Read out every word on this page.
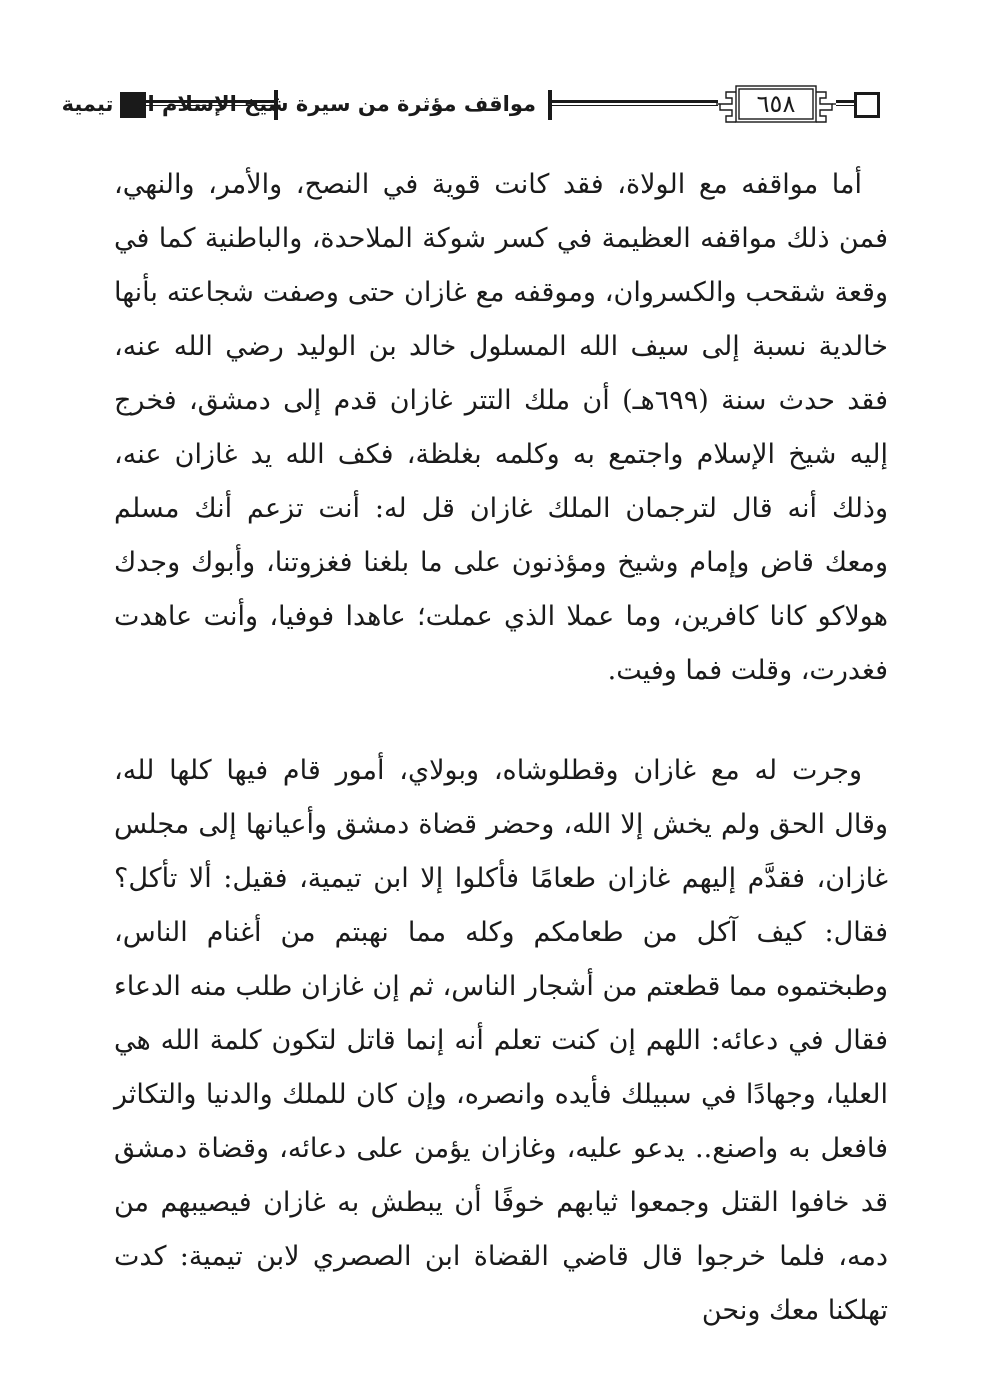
مواقف مؤثرة من سيرة شيخ الإسلام ابن تيمية	٦٥٨

أما مواقفه مع الولاة، فقد كانت قوية في النصح، والأمر، والنهي، فمن ذلك مواقفه العظيمة في كسر شوكة الملاحدة، والباطنية كما في وقعة شقحب والكسروان، وموقفه مع غازان حتى وصفت شجاعته بأنها خالدية نسبة إلى سيف الله المسلول خالد بن الوليد رضي الله عنه، فقد حدث سنة (٦٩٩هـ) أن ملك التتر غازان قدم إلى دمشق، فخرج إليه شيخ الإسلام واجتمع به وكلمه بغلظة، فكف الله يد غازان عنه، وذلك أنه قال لترجمان الملك غازان قل له: أنت تزعم أنك مسلم ومعك قاض وإمام وشيخ ومؤذنون على ما بلغنا فغزوتنا، وأبوك وجدك هولاكو كانا كافرين، وما عملا الذي عملت؛ عاهدا فوفيا، وأنت عاهدت فغدرت، وقلت فما وفيت.

وجرت له مع غازان وقطلوشاه، وبولاي، أمور قام فيها كلها لله، وقال الحق ولم يخش إلا الله، وحضر قضاة دمشق وأعيانها إلى مجلس غازان، فقدَّم إليهم غازان طعامًا فأكلوا إلا ابن تيمية، فقيل: ألا تأكل؟ فقال: كيف آكل من طعامكم وكله مما نهبتم من أغنام الناس، وطبختموه مما قطعتم من أشجار الناس، ثم إن غازان طلب منه الدعاء فقال في دعائه: اللهم إن كنت تعلم أنه إنما قاتل لتكون كلمة الله هي العليا، وجهادًا في سبيلك فأيده وانصره، وإن كان للملك والدنيا والتكاثر فافعل به واصنع.. يدعو عليه، وغازان يؤمن على دعائه، وقضاة دمشق قد خافوا القتل وجمعوا ثيابهم خوفًا أن يبطش به غازان فيصيبهم من دمه، فلما خرجوا قال قاضي القضاة ابن الصصري لابن تيمية: كدت تهلكنا معك ونحن
